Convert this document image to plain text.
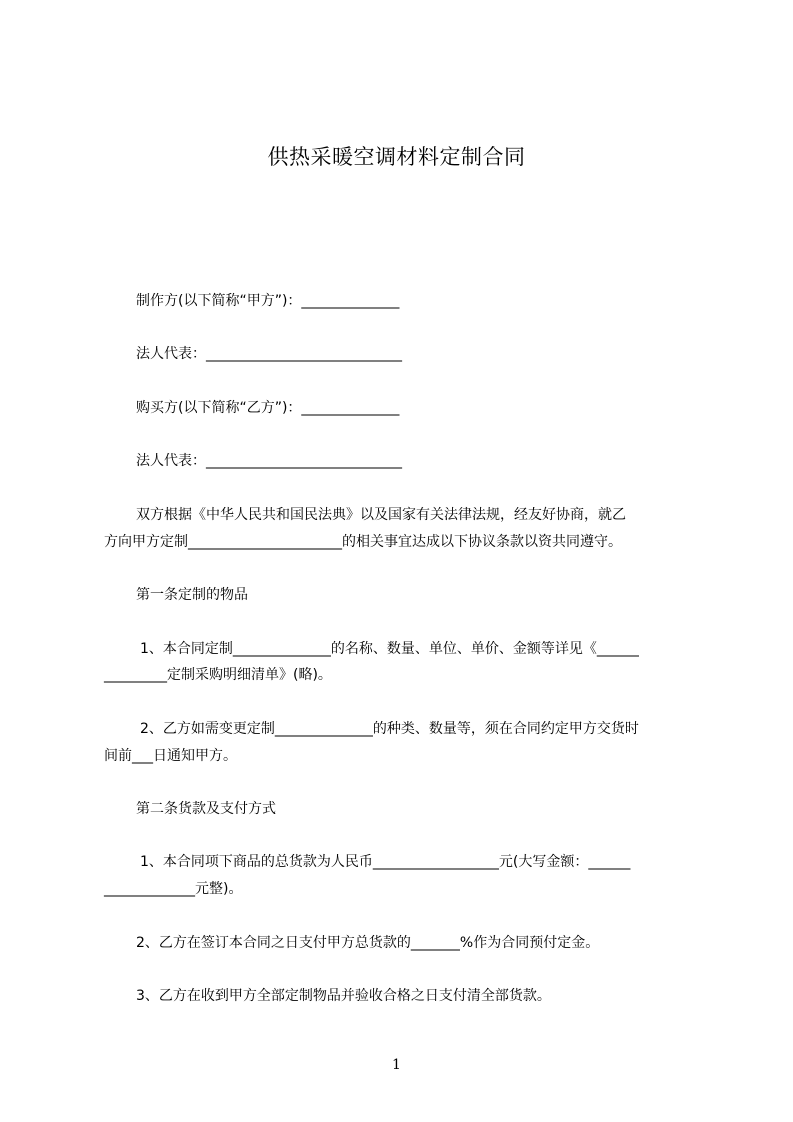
供热采暖空调材料定制合同
制作方(以下简称“甲方”)：______________
法人代表：____________________________
购买方(以下简称“乙方”)：______________
法人代表：____________________________
双方根据《中华人民共和国民法典》以及国家有关法律法规，经友好协商，就乙
方向甲方定制______________________的相关事宜达成以下协议条款以资共同遵守。
第一条定制的物品
1、本合同定制______________的名称、数量、单位、单价、金额等详见《______
_________定制采购明细清单》(略)。
2、乙方如需变更定制______________的种类、数量等，须在合同约定甲方交货时
间前___日通知甲方。
第二条货款及支付方式
1、本合同项下商品的总货款为人民币__________________元(大写金额：______
_____________元整)。
2、乙方在签订本合同之日支付甲方总货款的_______%作为合同预付定金。
3、乙方在收到甲方全部定制物品并验收合格之日支付清全部货款。
1
